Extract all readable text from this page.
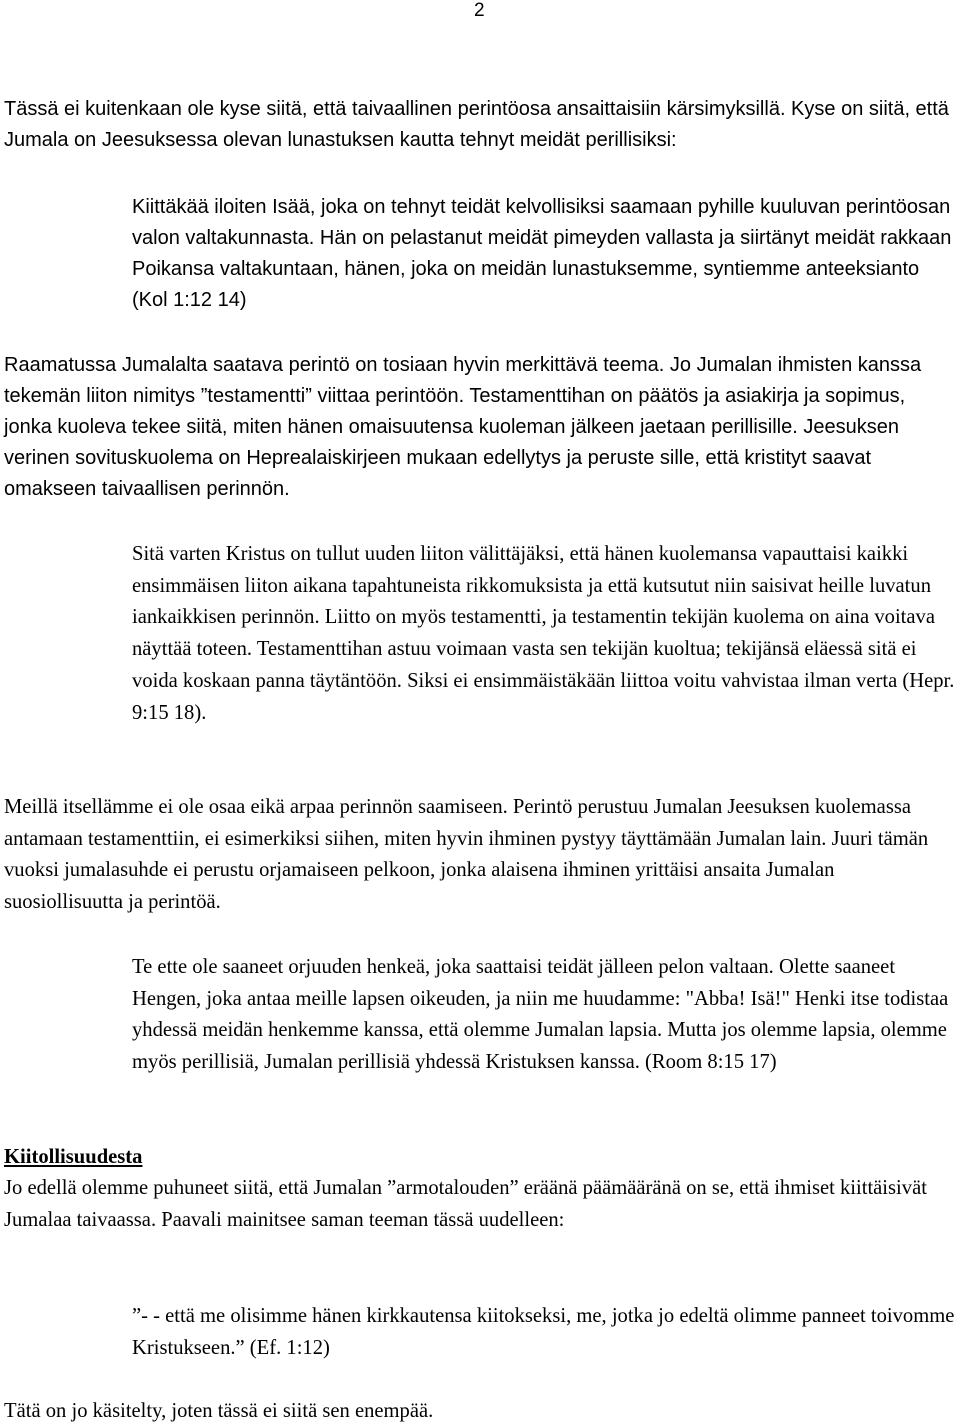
2

Tässä ei kuitenkaan ole kyse siitä, että taivaallinen perintöosa ansaittaisiin kärsimyksillä. Kyse on siitä, että Jumala on Jeesuksessa olevan lunastuksen kautta tehnyt meidät perillisiksi:

Kiittäkää iloiten Isää, joka on tehnyt teidät kelvollisiksi saamaan pyhille kuuluvan perintöosan valon valtakunnasta. Hän on pelastanut meidät pimeyden vallasta ja siirtänyt meidät rakkaan Poikansa valtakuntaan, hänen, joka on meidän lunastuksemme, syntiemme anteeksianto (Kol 1:12 14)

Raamatussa Jumalalta saatava perintö on tosiaan hyvin merkittävä teema. Jo Jumalan ihmisten kanssa tekemän liiton nimitys ”testamentti” viittaa perintöön. Testamenttihan on päätös ja asiakirja ja sopimus, jonka kuoleva tekee siitä, miten hänen omaisuutensa kuoleman jälkeen jaetaan perillisille. Jeesuksen verinen sovituskuolema on Heprealaiskirjeen mukaan edellytys ja peruste sille, että kristityt saavat omakseen taivaallisen perinnön.

Sitä varten Kristus on tullut uuden liiton välittäjäksi, että hänen kuolemansa vapauttaisi kaikki ensimmäisen liiton aikana tapahtuneista rikkomuksista ja että kutsutut niin saisivat heille luvatun iankaikkisen perinnön. Liitto on myös testamentti, ja testamentin tekijän kuolema on aina voitava näyttää toteen. Testamenttihan astuu voimaan vasta sen tekijän kuoltua; tekijänsä eläessä sitä ei voida koskaan panna täytäntöön. Siksi ei ensimmäistäkään liittoa voitu vahvistaa ilman verta (Hepr. 9:15 18).

Meillä itsellämme ei ole osaa eikä arpaa perinnön saamiseen. Perintö perustuu Jumalan Jeesuksen kuolemassa antamaan testamenttiin, ei esimerkiksi siihen, miten hyvin ihminen pystyy täyttämään Jumalan lain. Juuri tämän vuoksi jumalasuhde ei perustu orjamaiseen pelkoon, jonka alaisena ihminen yrittäisi ansaita Jumalan suosiollisuutta ja perintöä.

Te ette ole saaneet orjuuden henkeä, joka saattaisi teidät jälleen pelon valtaan. Olette saaneet Hengen, joka antaa meille lapsen oikeuden, ja niin me huudamme: "Abba! Isä!" Henki itse todistaa yhdessä meidän henkemme kanssa, että olemme Jumalan lapsia. Mutta jos olemme lapsia, olemme myös perillisiä, Jumalan perillisiä yhdessä Kristuksen kanssa. (Room 8:15 17)

Kiitollisuudesta

Jo edellä olemme puhuneet siitä, että Jumalan ”armotalouden” eräänä päämääränä on se, että ihmiset kiittäisivät Jumalaa taivaassa. Paavali mainitsee saman teeman tässä uudelleen:

”- - että me olisimme hänen kirkkautensa kiitokseksi, me, jotka jo edeltä olimme panneet toivomme Kristukseen.” (Ef. 1:12)

Tätä on jo käsitelty, joten tässä ei siitä sen enempää.
